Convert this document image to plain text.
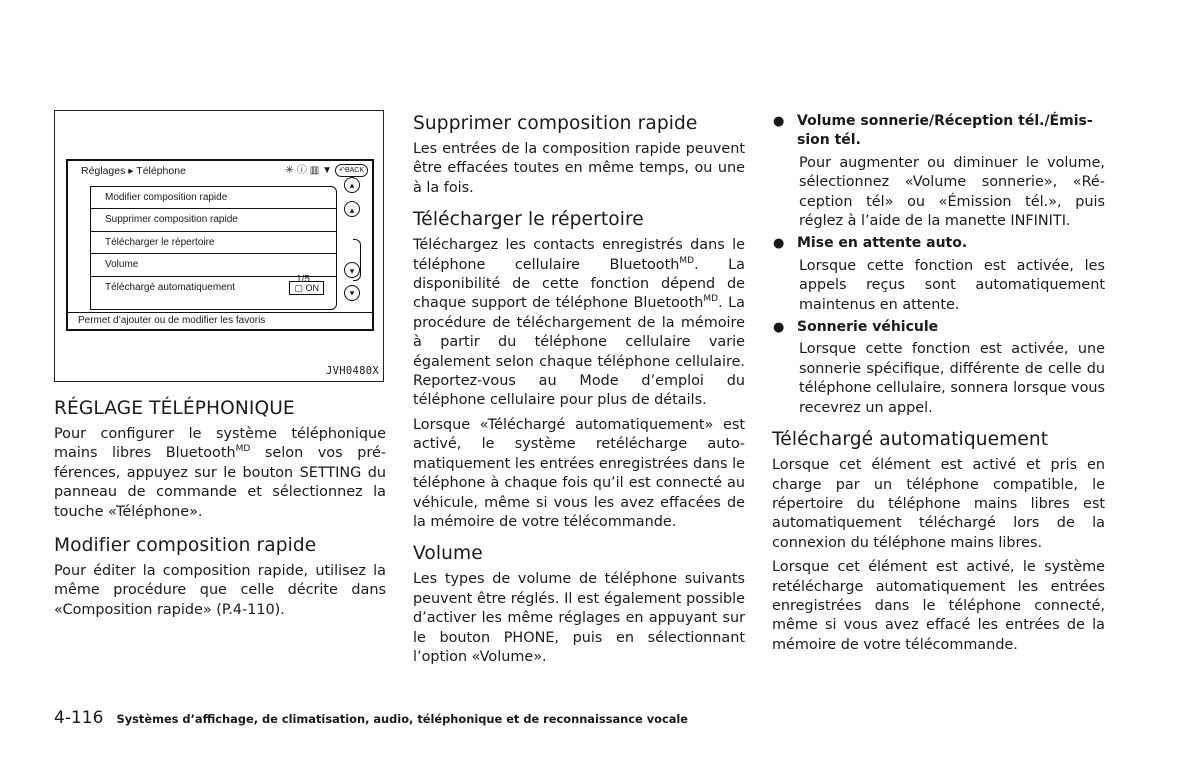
Réglages ▸ Téléphone	✳ ⓘ ▥ ▼	↶BACK
Modifier composition rapide
Supprimer composition rapide
Télécharger le répertoire
Volume
Téléchargé automatiquement	▢ ON
1/5
⯅
▴
▾
⯆
Permet d’ajouter ou de modifier les favoris
JVH0480X
RÉGLAGE TÉLÉPHONIQUE

Pour configurer le système téléphonique mains libres Bluetooth$^{MD}$ selon vos préférences, appuyez sur le bouton SETTING du panneau de commande et sélectionnez la touche «Téléphone».

Modifier composition rapide

Pour éditer la composition rapide, utilisez la même procédure que celle décrite dans «Composition rapide» (P.4-110).

Supprimer composition rapide

Les entrées de la composition rapide peuvent être effacées toutes en même temps, ou une à la fois.

Télécharger le répertoire

Téléchargez les contacts enregistrés dans le téléphone cellulaire Bluetooth$^{MD}$. La disponibilité de cette fonction dépend de chaque support de téléphone Bluetooth$^{MD}$. La procédure de téléchargement de la mémoire à partir du téléphone cellulaire varie également selon chaque téléphone cellulaire. Reportez-vous au Mode d’emploi du téléphone cellulaire pour plus de détails.

Lorsque «Téléchargé automatiquement» est activé, le système retélécharge automatiquement les entrées enregistrées dans le téléphone à chaque fois qu’il est connecté au véhicule, même si vous les avez effacées de la mémoire de votre télécommande.

Volume

Les types de volume de téléphone suivants peuvent être réglés. Il est également possible d’activer les même réglages en appuyant sur le bouton PHONE, puis en sélectionnant l’option «Volume».

● Volume sonnerie/Réception tél./Émission tél.

Pour augmenter ou diminuer le volume, sélectionnez «Volume sonnerie», «Réception tél» ou «Émission tél.», puis réglez à l’aide de la manette INFINITI.

● Mise en attente auto.

Lorsque cette fonction est activée, les appels reçus sont automatiquement maintenus en attente.

● Sonnerie véhicule

Lorsque cette fonction est activée, une sonnerie spécifique, différente de celle du téléphone cellulaire, sonnera lorsque vous recevrez un appel.

Téléchargé automatiquement

Lorsque cet élément est activé et pris en charge par un téléphone compatible, le répertoire du téléphone mains libres est automatiquement téléchargé lors de la connexion du téléphone mains libres.

Lorsque cet élément est activé, le système retélécharge automatiquement les entrées enregistrées dans le téléphone connecté, même si vous avez effacé les entrées de la mémoire de votre télécommande.

4-116 Systèmes d’affichage, de climatisation, audio, téléphonique et de reconnaissance vocale
